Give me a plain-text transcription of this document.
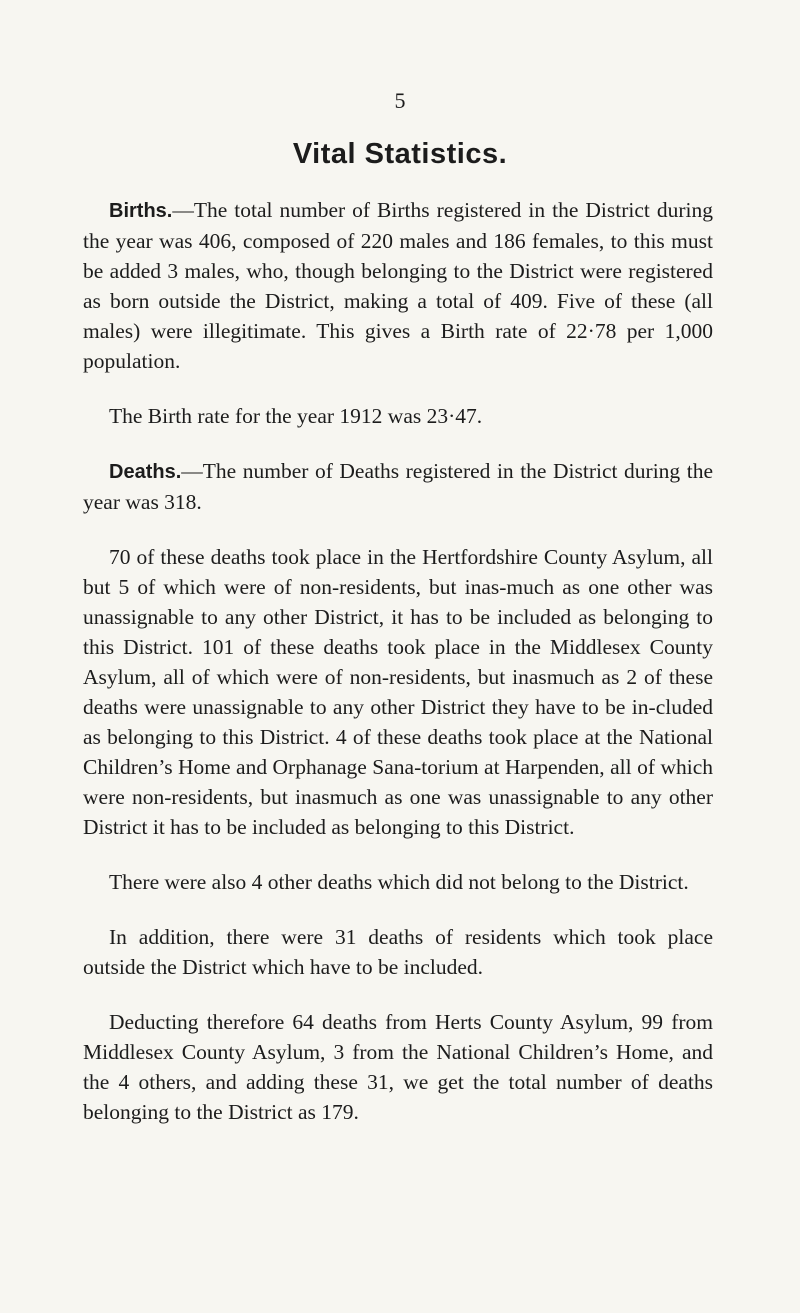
5
Vital Statistics.

Births.—The total number of Births registered in the District during the year was 406, composed of 220 males and 186 females, to this must be added 3 males, who, though belonging to the District were registered as born outside the District, making a total of 409. Five of these (all males) were illegitimate. This gives a Birth rate of 22·78 per 1,000 population.

The Birth rate for the year 1912 was 23·47.

Deaths.—The number of Deaths registered in the District during the year was 318.

70 of these deaths took place in the Hertfordshire County Asylum, all but 5 of which were of non-residents, but inas-much as one other was unassignable to any other District, it has to be included as belonging to this District. 101 of these deaths took place in the Middlesex County Asylum, all of which were of non-residents, but inasmuch as 2 of these deaths were unassignable to any other District they have to be in-cluded as belonging to this District. 4 of these deaths took place at the National Children’s Home and Orphanage Sana-torium at Harpenden, all of which were non-residents, but inasmuch as one was unassignable to any other District it has to be included as belonging to this District.

There were also 4 other deaths which did not belong to the District.

In addition, there were 31 deaths of residents which took place outside the District which have to be included.

Deducting therefore 64 deaths from Herts County Asylum, 99 from Middlesex County Asylum, 3 from the National Children’s Home, and the 4 others, and adding these 31, we get the total number of deaths belonging to the District as 179.
